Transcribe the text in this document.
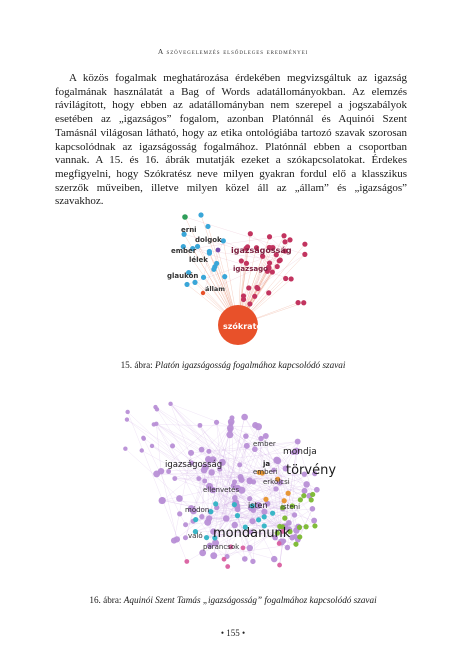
A szövegelemzés elsődleges eredményei

A közös fogalmak meghatározása érdekében megvizsgáltuk az igazság fogalmának használatát a Bag of Words adatállományokban. Az elemzés rávilágított, hogy ebben az adatállományban nem szerepel a jogszabályok esetében az „igazságos” fogalom, azonban Platónnál és Aquinói Szent Tamásnál világosan látható, hogy az etika ontológiába tartozó szavak szorosan kapcsolódnak az igazságosság fogalmához. Platónnál ebben a csoportban vannak. A 15. és 16. ábrák mutatják ezeket a szókapcsolatokat. Érdekes megfigyelni, hogy Szókratész neve milyen gyakran fordul elő a klasszikus szerzők műveiben, illetve milyen közel áll az „állam” és „igazságos” szavakhoz.

erni
dolgok
ember
lélek
igazságosság
igazsago
glaukón
állam
szókratész
15. ábra: Platón igazságosság fogalmához kapcsolódó szavai
ember
mondja
igazságosság	ja törvény
emberi
erkölcsi
ellenvetés
isten isteni
módon
mondanunk
való
parancsok
16. ábra: Aquinói Szent Tamás „igazságosság” fogalmához kapcsolódó szavai
• 155 •
